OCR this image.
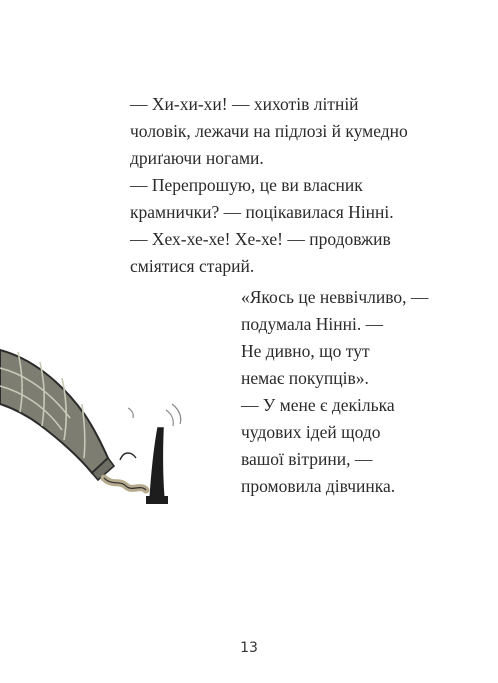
— Хи-хи-хи! — хихотів літній
чоловік, лежачи на підлозі й кумедно
дриґаючи ногами.
— Перепрошую, це ви власник
крамнички? — поцікавилася Нінні.
— Хех-хе-хе! Хе-хе! — продовжив
сміятися старий.
«Якось це неввічливо, —
подумала Нінні. —
Не дивно, що тут
немає покупців».
— У мене є декілька
чудових ідей щодо
вашої вітрини, —
промовила дівчинка.
13
